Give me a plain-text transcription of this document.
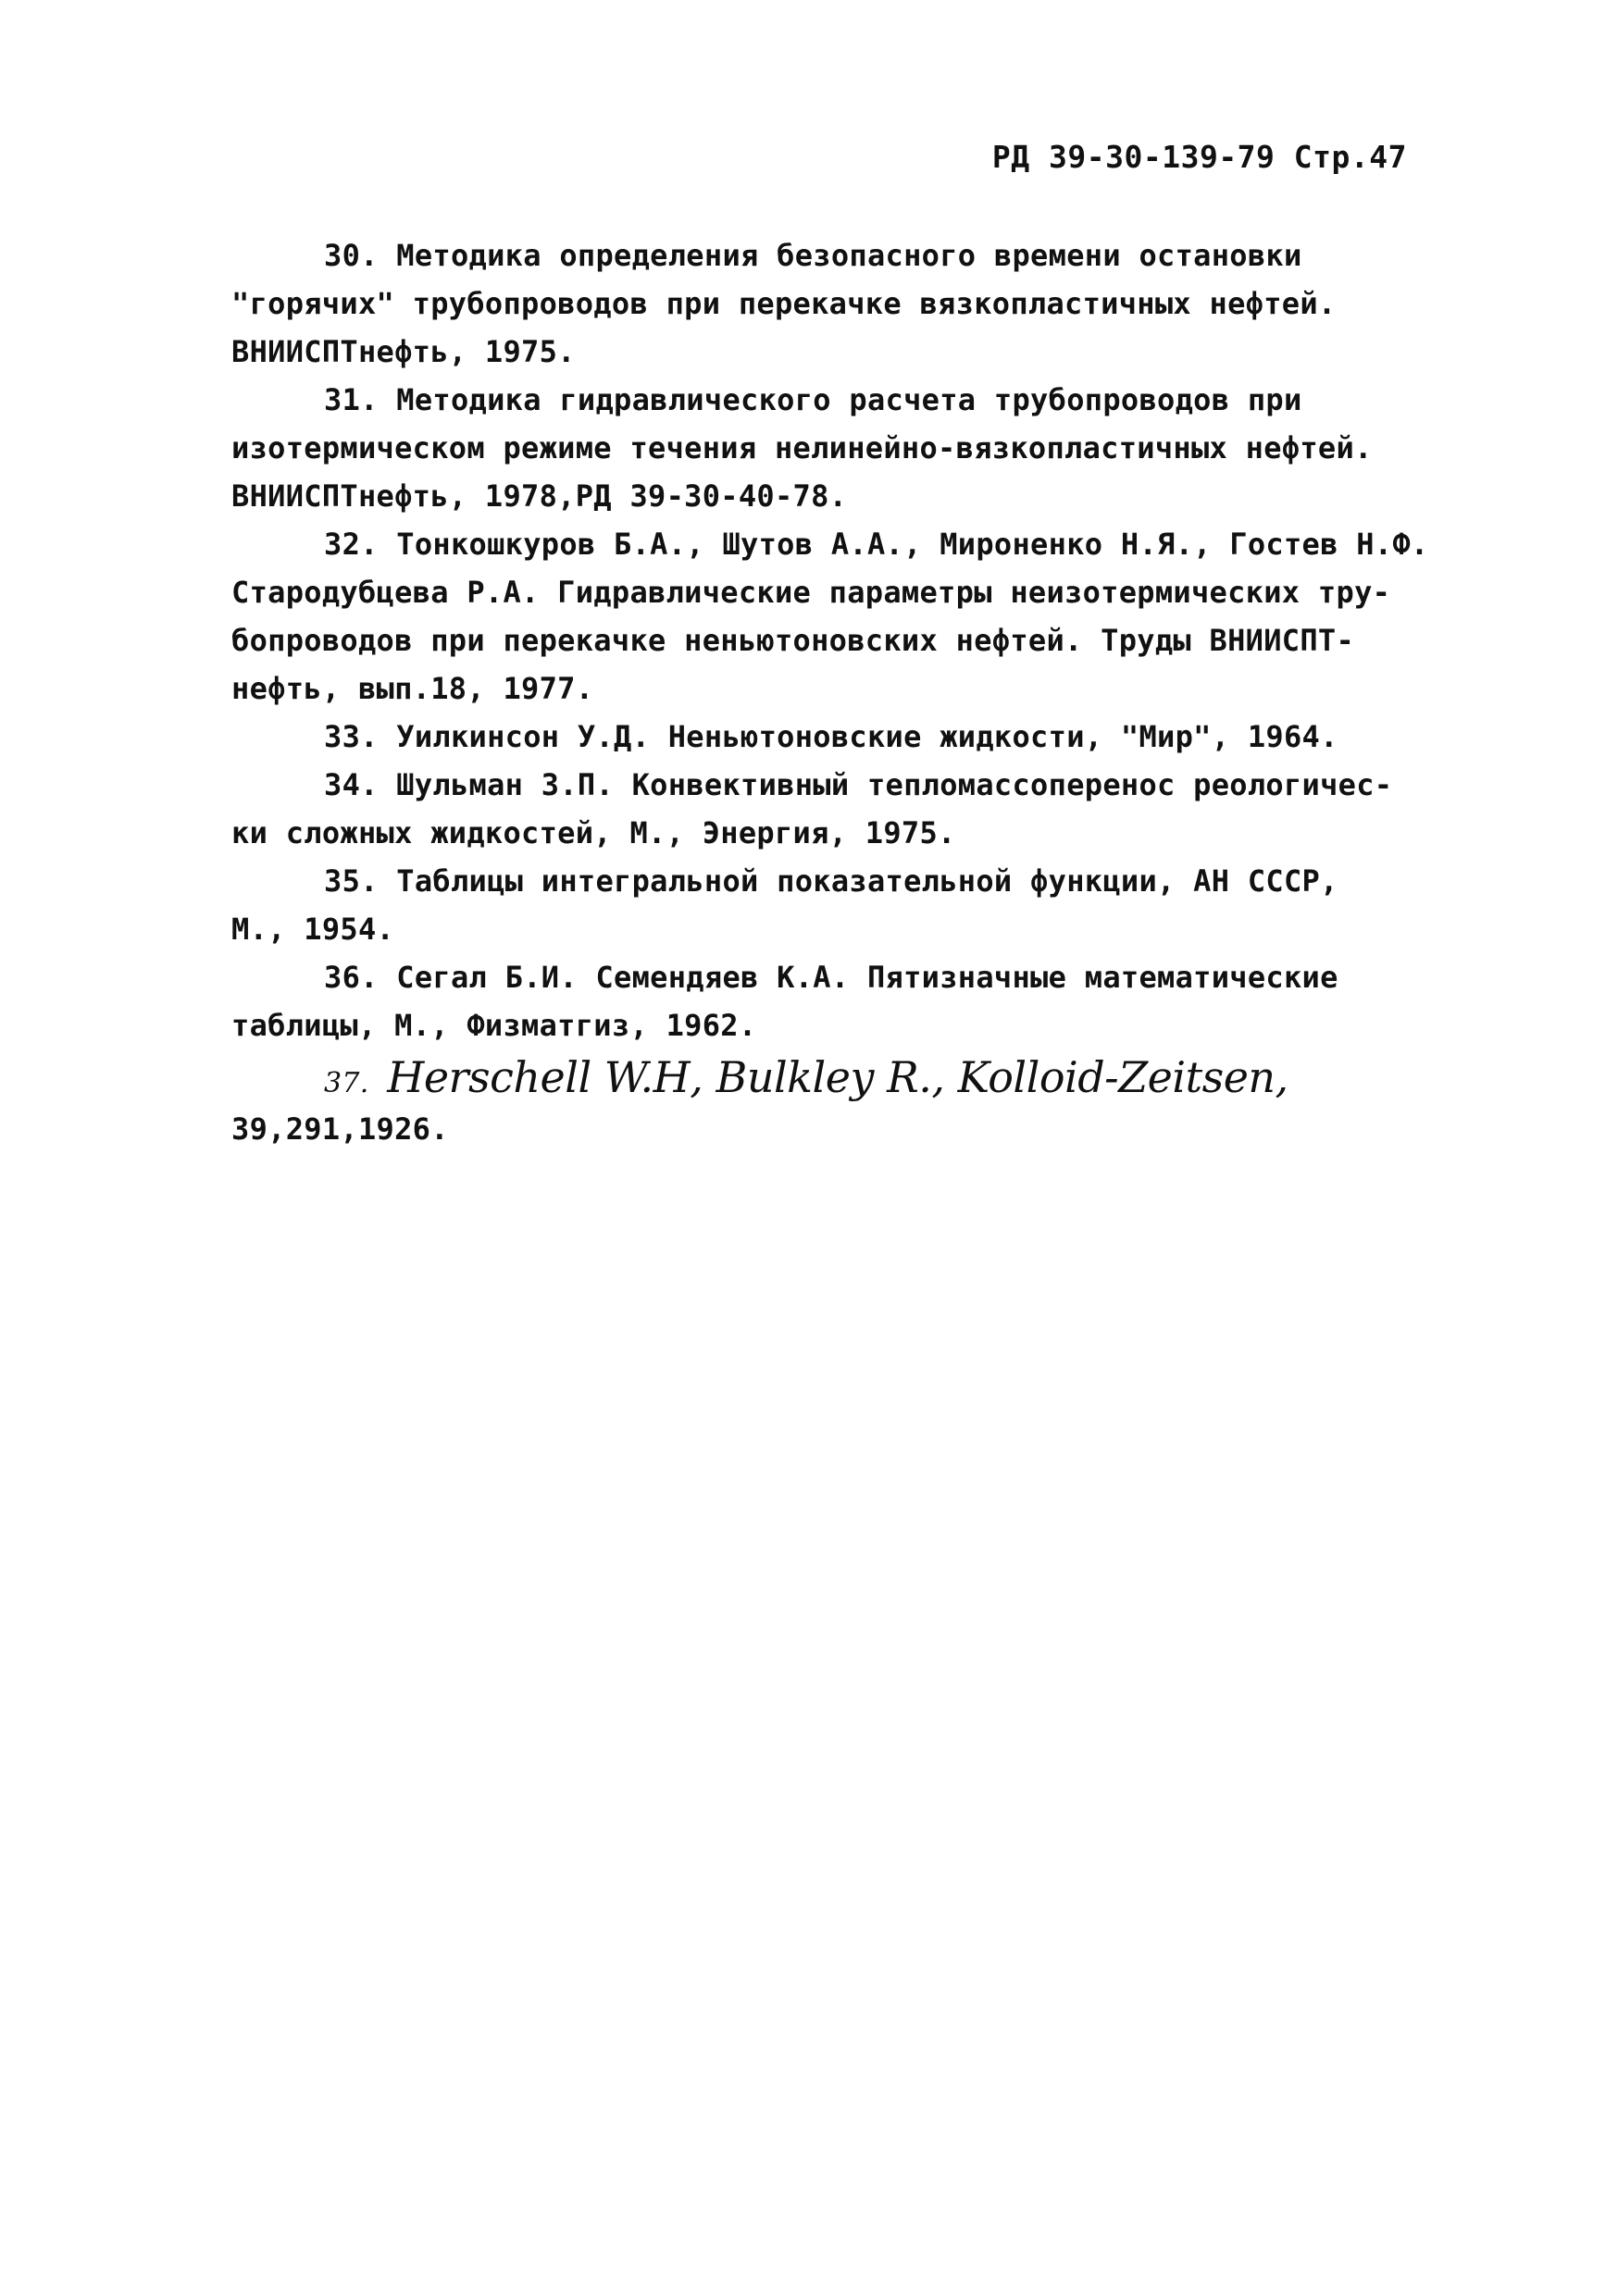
РД 39-30-139-79 Стр.47
30. Методика определения безопасного времени остановки
"горячих" трубопроводов при перекачке вязкопластичных нефтей.
ВНИИСПТнефть, 1975.
31. Методика гидравлического расчета трубопроводов при
изотермическом режиме течения нелинейно-вязкопластичных нефтей.
ВНИИСПТнефть, 1978,РД 39-30-40-78.
32. Тонкошкуров Б.А., Шутов А.А., Мироненко Н.Я., Гостев Н.Ф.
Стародубцева Р.А. Гидравлические параметры неизотермических тру-
бопроводов при перекачке неньютоновских нефтей. Труды ВНИИСПТ-
нефть, вып.18, 1977.
33. Уилкинсон У.Д. Неньютоновские жидкости, "Мир", 1964.
34. Шульман З.П. Конвективный тепломассоперенос реологичес-
ки сложных жидкостей, М., Энергия, 1975.
35. Таблицы интегральной показательной функции, АН СССР,
М., 1954.
36. Сегал Б.И. Семендяев К.А. Пятизначные математические
таблицы, М., Физматгиз, 1962.
37. Herschell W.H, Bulkley R., Kolloid-Zeitsen,
39,291,1926.
